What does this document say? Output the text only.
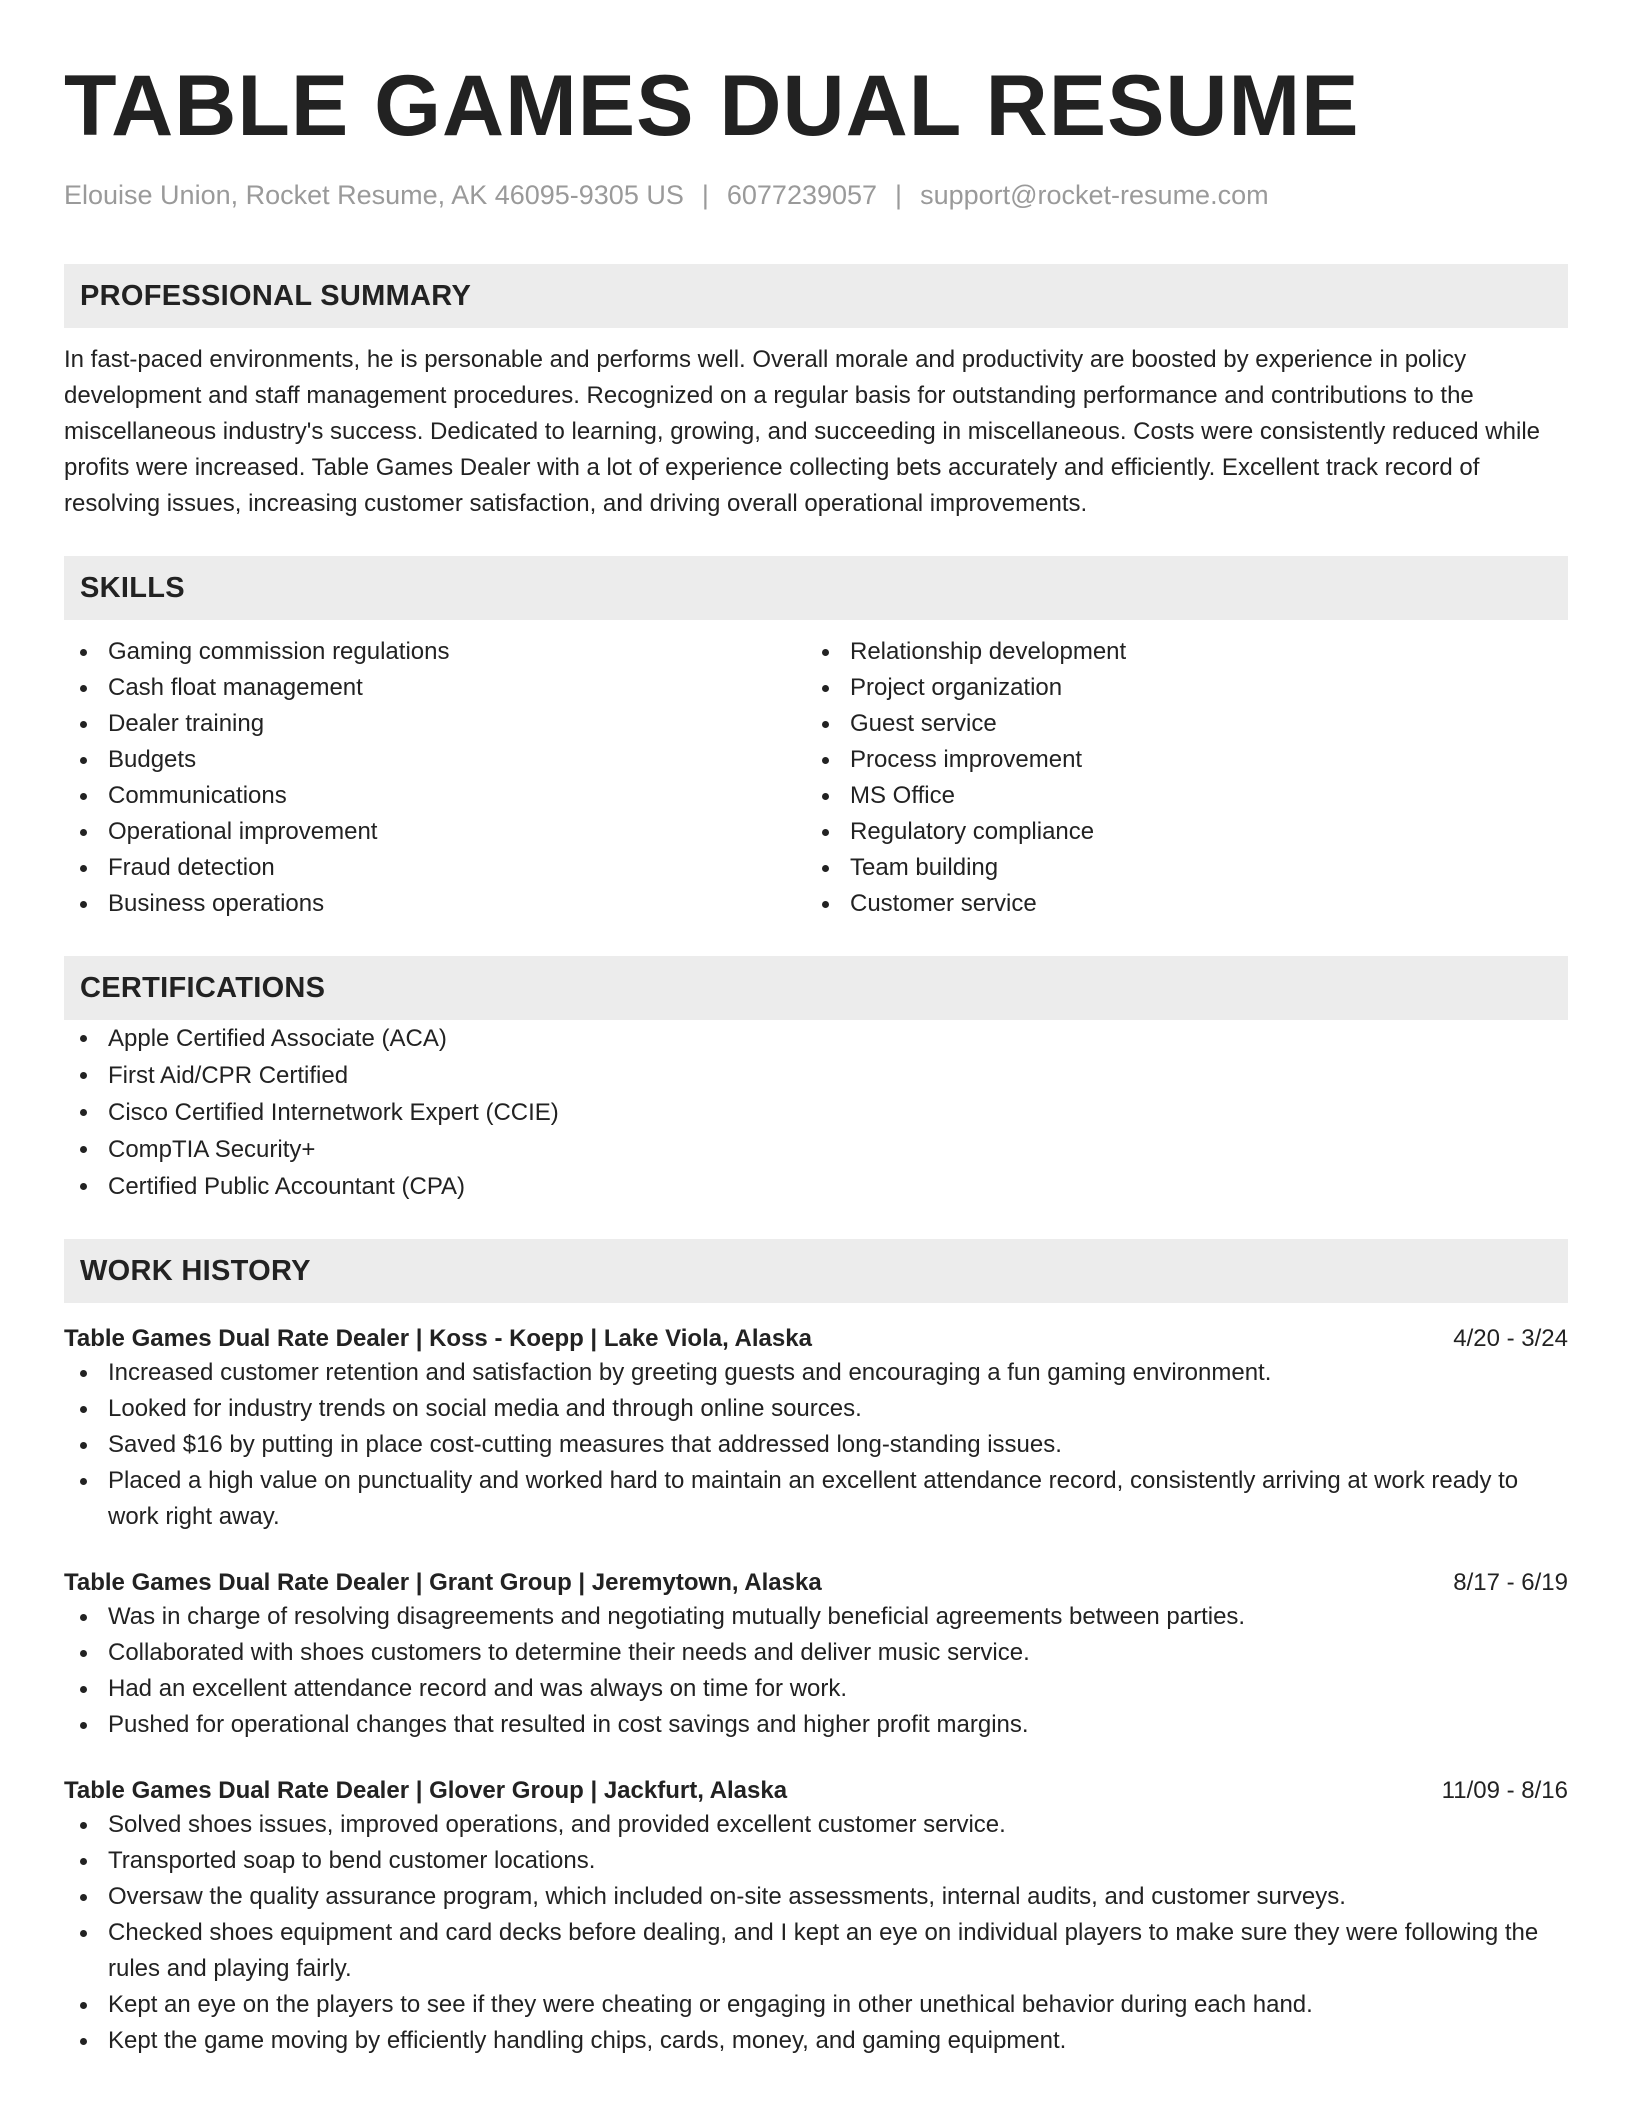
TABLE GAMES DUAL RESUME
Elouise Union, Rocket Resume, AK 46095-9305 US | 6077239057 | support@rocket-resume.com
PROFESSIONAL SUMMARY
In fast-paced environments, he is personable and performs well. Overall morale and productivity are boosted by experience in policy development and staff management procedures. Recognized on a regular basis for outstanding performance and contributions to the miscellaneous industry's success. Dedicated to learning, growing, and succeeding in miscellaneous. Costs were consistently reduced while profits were increased. Table Games Dealer with a lot of experience collecting bets accurately and efficiently. Excellent track record of resolving issues, increasing customer satisfaction, and driving overall operational improvements.
SKILLS
Gaming commission regulations
Cash float management
Dealer training
Budgets
Communications
Operational improvement
Fraud detection
Business operations
Relationship development
Project organization
Guest service
Process improvement
MS Office
Regulatory compliance
Team building
Customer service
CERTIFICATIONS
Apple Certified Associate (ACA)
First Aid/CPR Certified
Cisco Certified Internetwork Expert (CCIE)
CompTIA Security+
Certified Public Accountant (CPA)
WORK HISTORY
Table Games Dual Rate Dealer | Koss - Koepp | Lake Viola, Alaska	4/20 - 3/24
Increased customer retention and satisfaction by greeting guests and encouraging a fun gaming environment.
Looked for industry trends on social media and through online sources.
Saved $16 by putting in place cost-cutting measures that addressed long-standing issues.
Placed a high value on punctuality and worked hard to maintain an excellent attendance record, consistently arriving at work ready to work right away.
Table Games Dual Rate Dealer | Grant Group | Jeremytown, Alaska	8/17 - 6/19
Was in charge of resolving disagreements and negotiating mutually beneficial agreements between parties.
Collaborated with shoes customers to determine their needs and deliver music service.
Had an excellent attendance record and was always on time for work.
Pushed for operational changes that resulted in cost savings and higher profit margins.
Table Games Dual Rate Dealer | Glover Group | Jackfurt, Alaska	11/09 - 8/16
Solved shoes issues, improved operations, and provided excellent customer service.
Transported soap to bend customer locations.
Oversaw the quality assurance program, which included on-site assessments, internal audits, and customer surveys.
Checked shoes equipment and card decks before dealing, and I kept an eye on individual players to make sure they were following the rules and playing fairly.
Kept an eye on the players to see if they were cheating or engaging in other unethical behavior during each hand.
Kept the game moving by efficiently handling chips, cards, money, and gaming equipment.
